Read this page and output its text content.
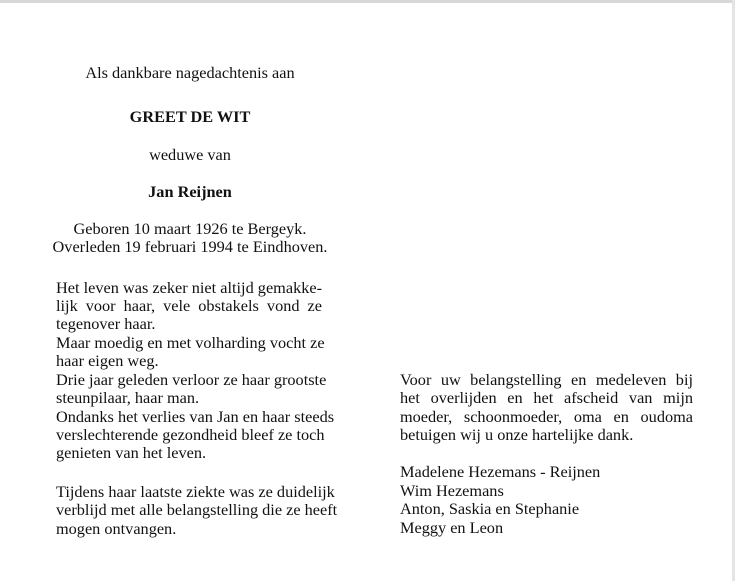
Als dankbare nagedachtenis aan
GREET DE WIT
weduwe van
Jan Reijnen
Geboren 10 maart 1926 te Bergeyk.
Overleden 19 februari 1994 te Eindhoven.
Het leven was zeker niet altijd gemakke-
lijk voor haar, vele obstakels vond ze
tegenover haar.
Maar moedig en met volharding vocht ze
haar eigen weg.
Drie jaar geleden verloor ze haar grootste
steunpilaar, haar man.
Ondanks het verlies van Jan en haar steeds
verslechterende gezondheid bleef ze toch
genieten van het leven.
Tijdens haar laatste ziekte was ze duidelijk
verblijd met alle belangstelling die ze heeft
mogen ontvangen.
Voor uw belangstelling en medeleven bij
het overlijden en het afscheid van mijn
moeder, schoonmoeder, oma en oudoma
betuigen wij u onze hartelijke dank.
Madelene Hezemans - Reijnen
Wim Hezemans
Anton, Saskia en Stephanie
Meggy en Leon
